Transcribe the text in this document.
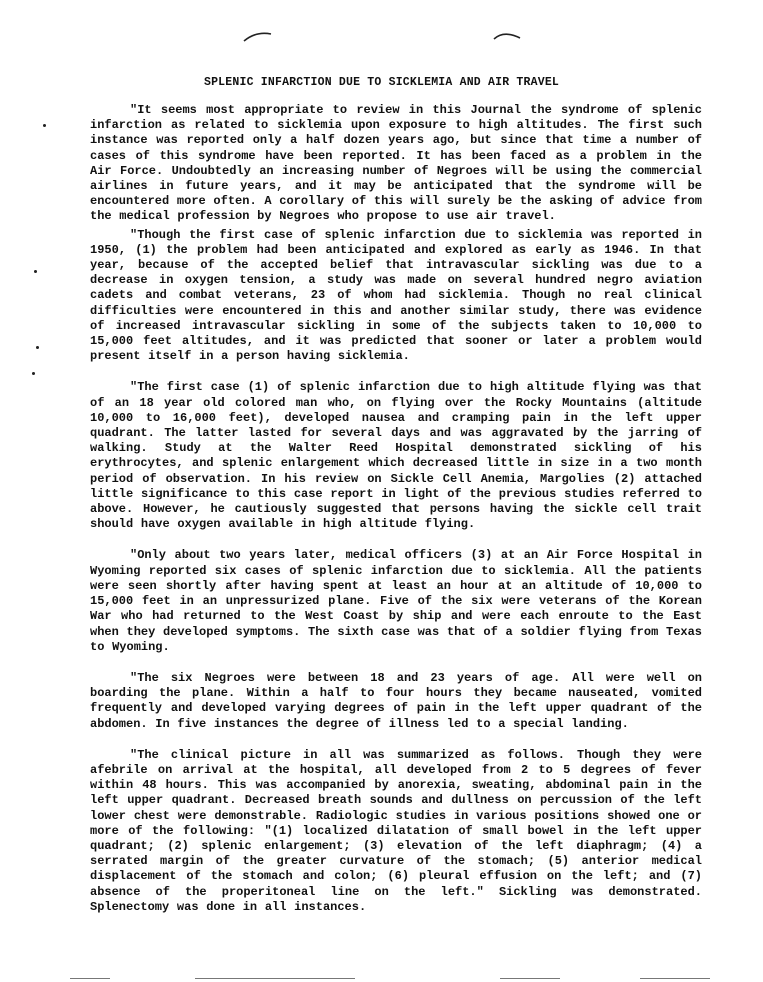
SPLENIC INFARCTION DUE TO SICKLEMIA AND AIR TRAVEL

"It seems most appropriate to review in this Journal the syndrome of splenic infarction as related to sicklemia upon exposure to high altitudes. The first such instance was reported only a half dozen years ago, but since that time a number of cases of this syndrome have been reported. It has been faced as a problem in the Air Force. Undoubtedly an increasing number of Negroes will be using the commercial airlines in future years, and it may be anticipated that the syndrome will be encountered more often. A corollary of this will surely be the asking of advice from the medical profession by Negroes who propose to use air travel.

"Though the first case of splenic infarction due to sicklemia was reported in 1950, (1) the problem had been anticipated and explored as early as 1946. In that year, because of the accepted belief that intravascular sickling was due to a decrease in oxygen tension, a study was made on several hundred negro aviation cadets and combat veterans, 23 of whom had sicklemia. Though no real clinical difficulties were encountered in this and another similar study, there was evidence of increased intravascular sickling in some of the subjects taken to 10,000 to 15,000 feet altitudes, and it was predicted that sooner or later a problem would present itself in a person having sicklemia.

"The first case (1) of splenic infarction due to high altitude flying was that of an 18 year old colored man who, on flying over the Rocky Mountains (altitude 10,000 to 16,000 feet), developed nausea and cramping pain in the left upper quadrant. The latter lasted for several days and was aggravated by the jarring of walking. Study at the Walter Reed Hospital demonstrated sickling of his erythrocytes, and splenic enlargement which decreased little in size in a two month period of observation. In his review on Sickle Cell Anemia, Margolies (2) attached little significance to this case report in light of the previous studies referred to above. However, he cautiously suggested that persons having the sickle cell trait should have oxygen available in high altitude flying.

"Only about two years later, medical officers (3) at an Air Force Hospital in Wyoming reported six cases of splenic infarction due to sicklemia. All the patients were seen shortly after having spent at least an hour at an altitude of 10,000 to 15,000 feet in an unpressurized plane. Five of the six were veterans of the Korean War who had returned to the West Coast by ship and were each enroute to the East when they developed symptoms. The sixth case was that of a soldier flying from Texas to Wyoming.

"The six Negroes were between 18 and 23 years of age. All were well on boarding the plane. Within a half to four hours they became nauseated, vomited frequently and developed varying degrees of pain in the left upper quadrant of the abdomen. In five instances the degree of illness led to a special landing.

"The clinical picture in all was summarized as follows. Though they were afebrile on arrival at the hospital, all developed from 2 to 5 degrees of fever within 48 hours. This was accompanied by anorexia, sweating, abdominal pain in the left upper quadrant. Decreased breath sounds and dullness on percussion of the left lower chest were demonstrable. Radiologic studies in various positions showed one or more of the following: "(1) localized dilatation of small bowel in the left upper quadrant; (2) splenic enlargement; (3) elevation of the left diaphragm; (4) a serrated margin of the greater curvature of the stomach; (5) anterior medical displacement of the stomach and colon; (6) pleural effusion on the left; and (7) absence of the properitoneal line on the left." Sickling was demonstrated. Splenectomy was done in all instances.
